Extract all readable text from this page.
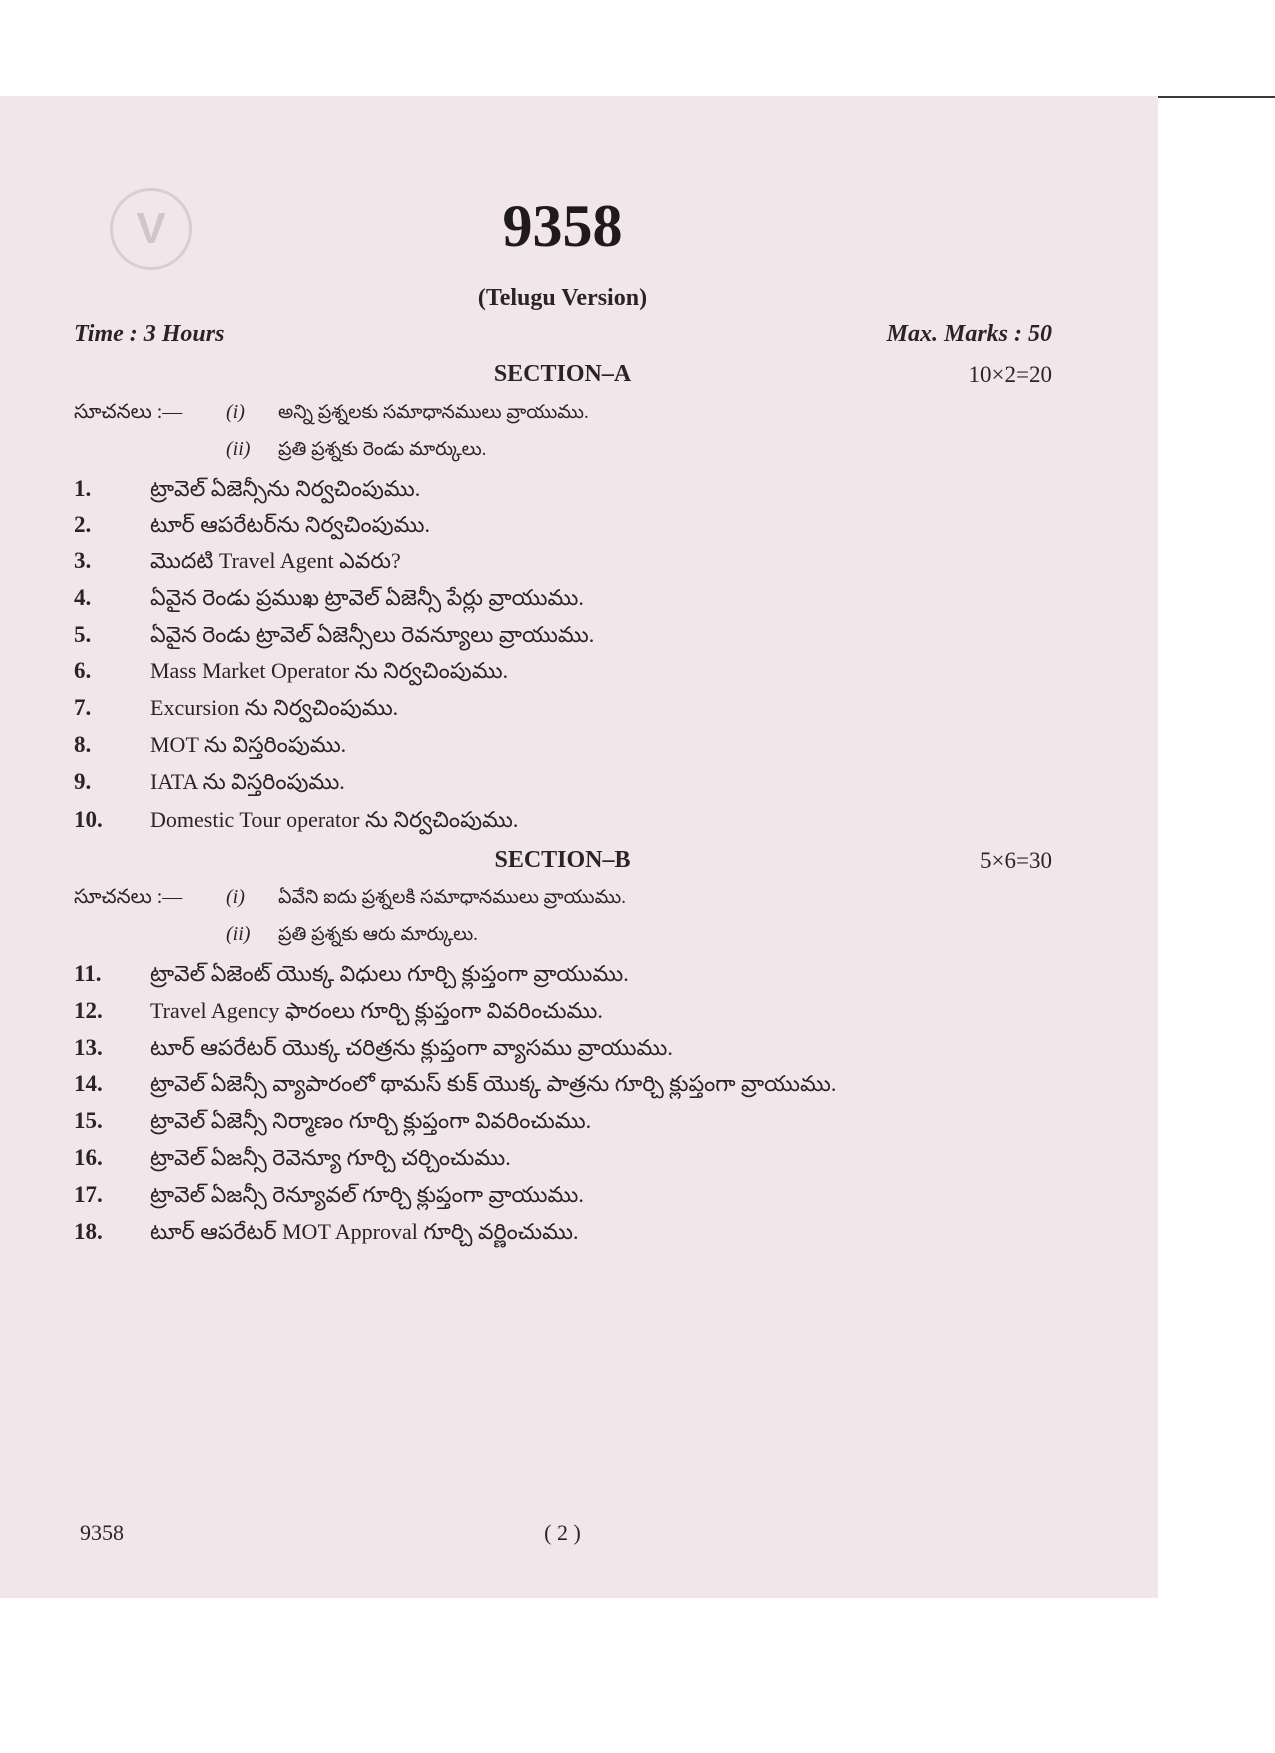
V	9358
(Telugu Version)
Time : 3 Hours	Max. Marks : 50
SECTION–A	10×2=20
సూచనలు :— (i) అన్ని ప్రశ్నలకు సమాధానములు వ్రాయుము.
(ii) ప్రతి ప్రశ్నకు రెండు మార్కులు.
1.	ట్రావెల్ ఏజెన్సీను నిర్వచింపుము.
2.	టూర్ ఆపరేటర్‌ను నిర్వచింపుము.
3.	మొదటి Travel Agent ఎవరు?
4.	ఏవైన రెండు ప్రముఖ ట్రావెల్ ఏజెన్సీ పేర్లు వ్రాయుము.
5.	ఏవైన రెండు ట్రావెల్ ఏజెన్సీలు రెవన్యూలు వ్రాయుము.
6.	Mass Market Operator ను నిర్వచింపుము.
7.	Excursion ను నిర్వచింపుము.
8.	MOT ను విస్తరింపుము.
9.	IATA ను విస్తరింపుము.
10. Domestic Tour operator ను నిర్వచింపుము.
SECTION–B	5×6=30
సూచనలు :— (i) ఏవేని ఐదు ప్రశ్నలకి సమాధానములు వ్రాయుము.
(ii) ప్రతి ప్రశ్నకు ఆరు మార్కులు.
11. ట్రావెల్ ఏజెంట్ యొక్క విధులు గూర్చి క్లుప్తంగా వ్రాయుము.
12. Travel Agency ఫారంలు గూర్చి క్లుప్తంగా వివరించుము.
13. టూర్ ఆపరేటర్ యొక్క చరిత్రను క్లుప్తంగా వ్యాసము వ్రాయుము.
14. ట్రావెల్ ఏజెన్సీ వ్యాపారంలో థామస్ కుక్ యొక్క పాత్రను గూర్చి క్లుప్తంగా వ్రాయుము.
15. ట్రావెల్ ఏజెన్సీ నిర్మాణం గూర్చి క్లుప్తంగా వివరించుము.
16. ట్రావెల్ ఏజన్సీ రెవెన్యూ గూర్చి చర్చించుము.
17. ట్రావెల్ ఏజన్సీ రెన్యూవల్ గూర్చి క్లుప్తంగా వ్రాయుము.
18. టూర్ ఆపరేటర్ MOT Approval గూర్చి వర్ణించుము.
9358	( 2 )
